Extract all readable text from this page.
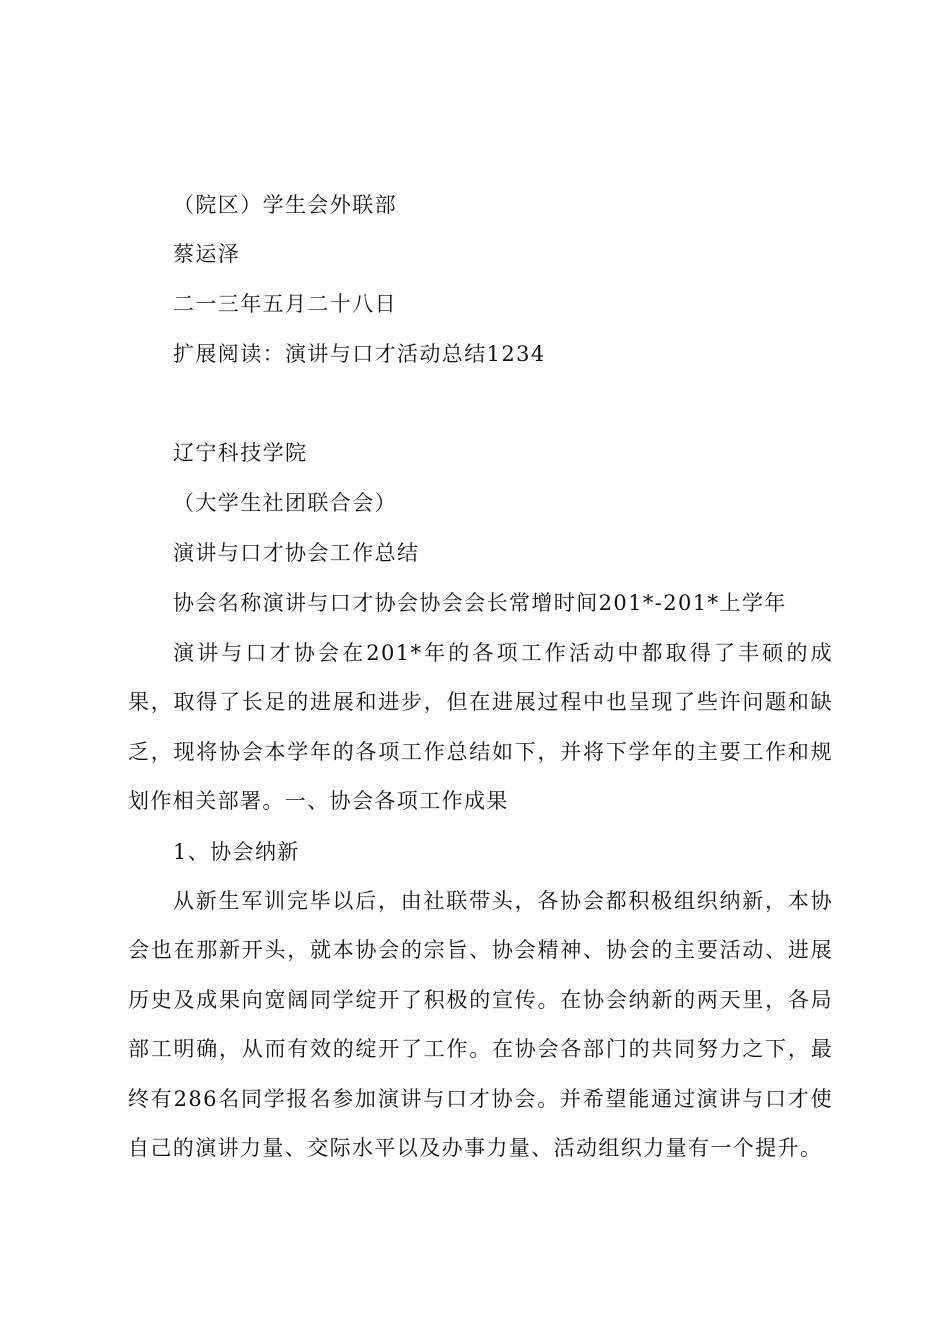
（院区）学生会外联部
蔡运泽
二一三年五月二十八日
扩展阅读：演讲与口才活动总结1234
辽宁科技学院
（大学生社团联合会）
演讲与口才协会工作总结
协会名称演讲与口才协会协会会长常增时间201*-201*上学年

演讲与口才协会在201*年的各项工作活动中都取得了丰硕的成果，取得了长足的进展和进步，但在进展过程中也呈现了些许问题和缺乏，现将协会本学年的各项工作总结如下，并将下学年的主要工作和规划作相关部署。一、协会各项工作成果

1、协会纳新

从新生军训完毕以后，由社联带头，各协会都积极组织纳新，本协会也在那新开头，就本协会的宗旨、协会精神、协会的主要活动、进展历史及成果向宽阔同学绽开了积极的宣传。在协会纳新的两天里，各局部工明确，从而有效的绽开了工作。在协会各部门的共同努力之下，最终有286名同学报名参加演讲与口才协会。并希望能通过演讲与口才使自己的演讲力量、交际水平以及办事力量、活动组织力量有一个提升。
